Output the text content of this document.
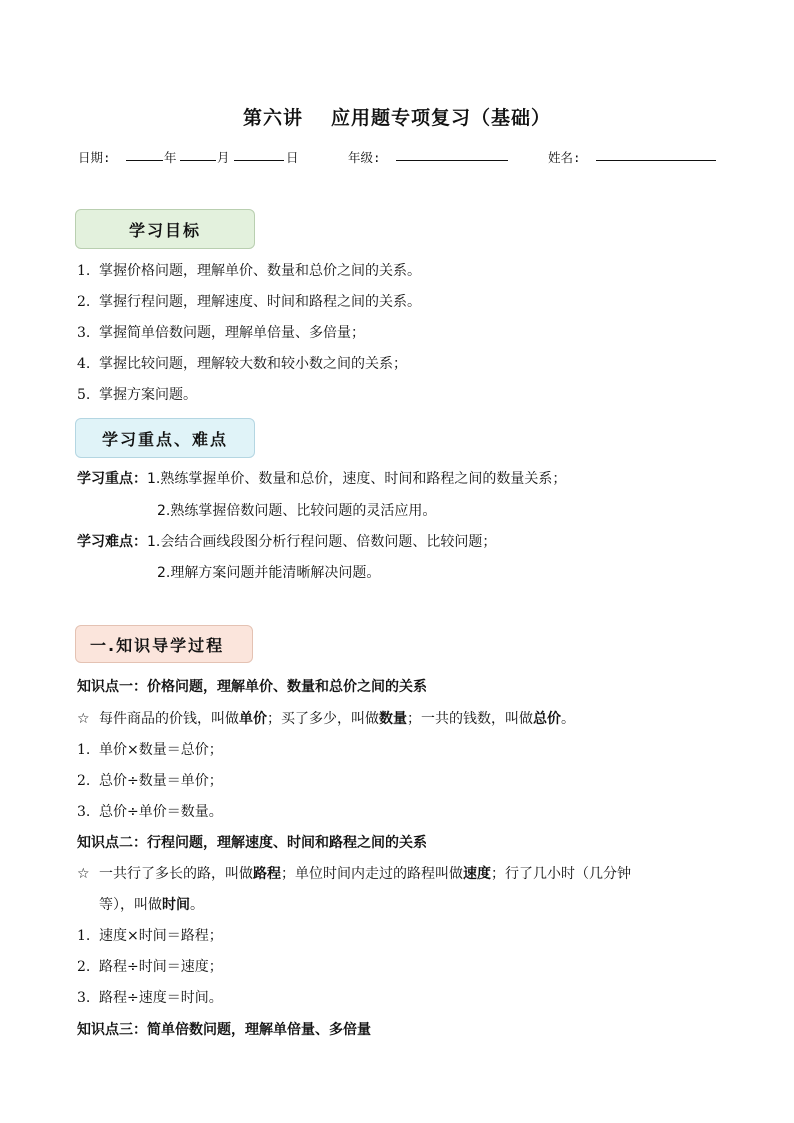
第六讲 应用题专项复习（基础）
日期:	年	月	日	年级:	姓名:
学习目标
1. 掌握价格问题，理解单价、数量和总价之间的关系。
2. 掌握行程问题，理解速度、时间和路程之间的关系。
3. 掌握简单倍数问题，理解单倍量、多倍量；
4. 掌握比较问题，理解较大数和较小数之间的关系；
5. 掌握方案问题。
学习重点、难点
学习重点：1.熟练掌握单价、数量和总价，速度、时间和路程之间的数量关系；
2.熟练掌握倍数问题、比较问题的灵活应用。
学习难点：1.会结合画线段图分析行程问题、倍数问题、比较问题；
2.理解方案问题并能清晰解决问题。
一.知识导学过程
知识点一：价格问题，理解单价、数量和总价之间的关系
☆ 每件商品的价钱，叫做单价；买了多少，叫做数量；一共的钱数，叫做总价。
1. 单价×数量＝总价；
2. 总价÷数量＝单价；
3. 总价÷单价＝数量。
知识点二：行程问题，理解速度、时间和路程之间的关系
☆ 一共行了多长的路，叫做路程；单位时间内走过的路程叫做速度；行了几小时（几分钟
等），叫做时间。
1. 速度×时间＝路程；
2. 路程÷时间＝速度；
3. 路程÷速度＝时间。
知识点三：简单倍数问题，理解单倍量、多倍量
